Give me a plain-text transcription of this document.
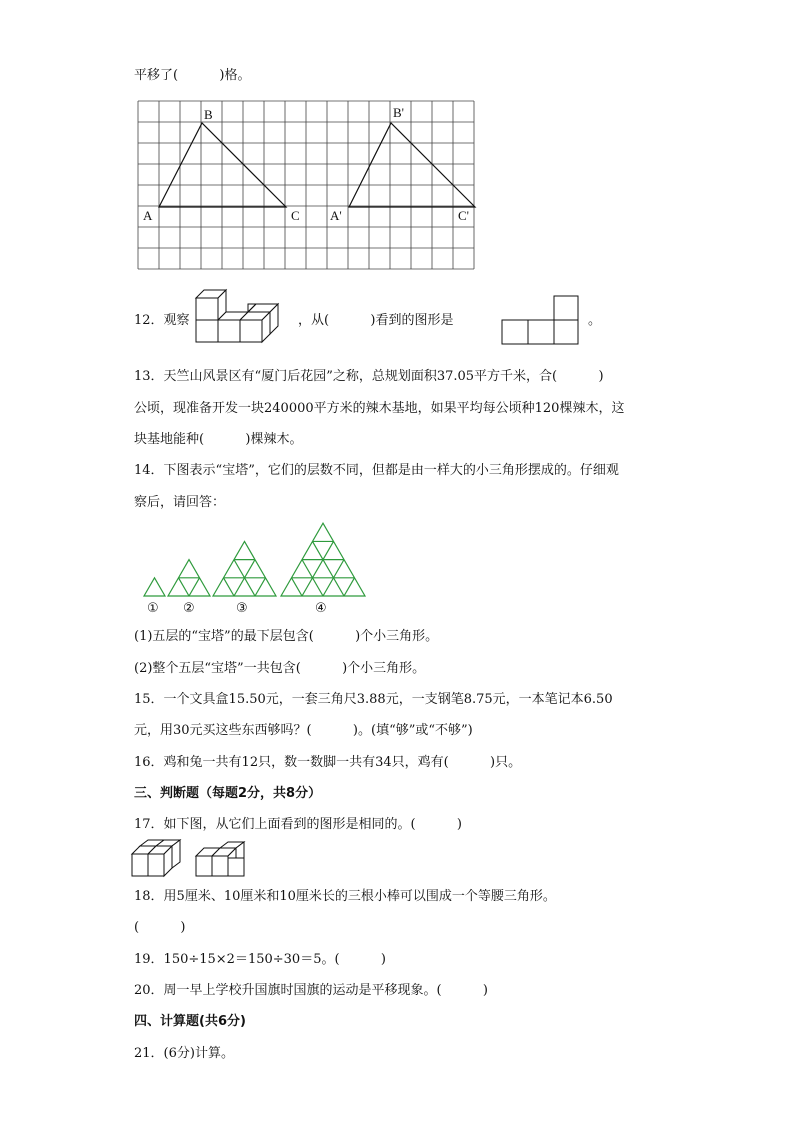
平移了(          )格。
B
A	C
B'
A'	C'
12．观察	，从(          )看到的图形是	。
13．天竺山风景区有“厦门后花园”之称，总规划面积37.05平方千米，合(          )
公顷，现准备开发一块240000平方米的辣木基地，如果平均每公顷种120棵辣木，这
块基地能种(          )棵辣木。
14．下图表示“宝塔”，它们的层数不同，但都是由一样大的小三角形摆成的。仔细观
察后，请回答：
① ②	③	④
(1)五层的“宝塔”的最下层包含(          )个小三角形。
(2)整个五层“宝塔”一共包含(          )个小三角形。
15．一个文具盒15.50元，一套三角尺3.88元，一支钢笔8.75元，一本笔记本6.50
元，用30元买这些东西够吗？(          )。(填“够”或“不够”)
16．鸡和兔一共有12只，数一数脚一共有34只，鸡有(          )只。
三、判断题（每题2分，共8分）
17．如下图，从它们上面看到的图形是相同的。(          )
18．用5厘米、10厘米和10厘米长的三根小棒可以围成一个等腰三角形。
(          )
19．150÷15×2＝150÷30＝5。(          )
20．周一早上学校升国旗时国旗的运动是平移现象。(          )
四、计算题(共6分)
21．(6分)计算。
